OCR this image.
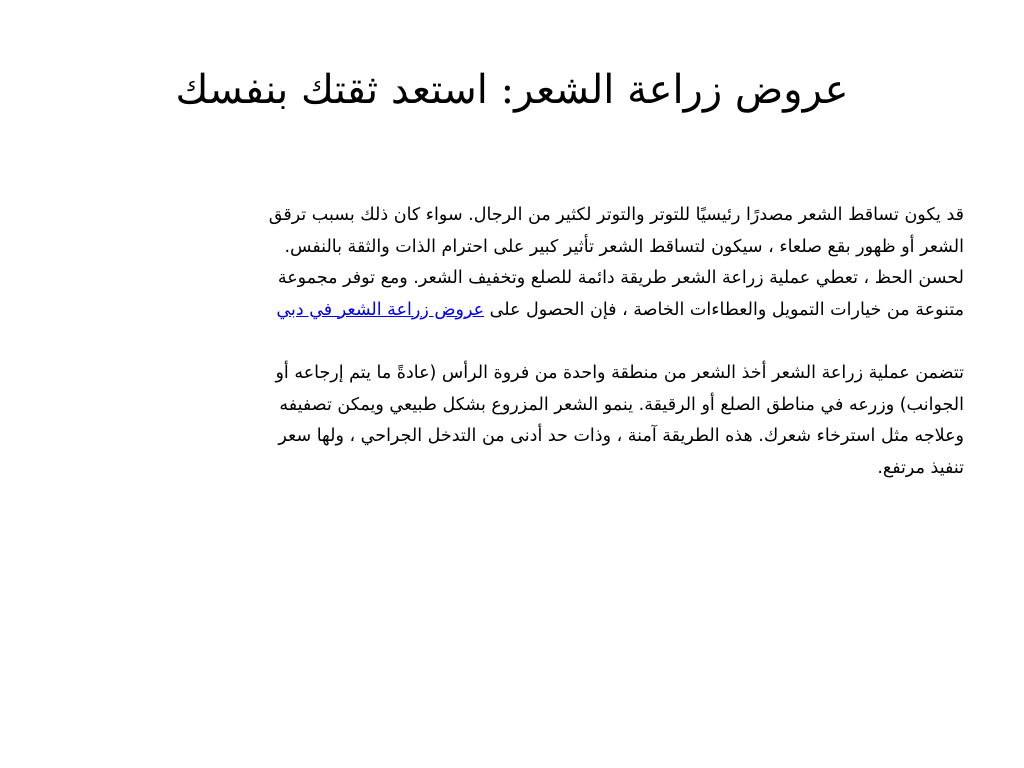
عروض زراعة الشعر: استعد ثقتك بنفسك

قد يكون تساقط الشعر مصدرًا رئيسيًا للتوتر والتوتر لكثير من الرجال. سواء كان ذلك بسبب ترقق
الشعر أو ظهور بقع صلعاء ، سيكون لتساقط الشعر تأثير كبير على احترام الذات والثقة بالنفس.
لحسن الحظ ، تعطي عملية زراعة الشعر طريقة دائمة للصلع وتخفيف الشعر. ومع توفر مجموعة
متنوعة من خيارات التمويل والعطاءات الخاصة ، فإن الحصول على عروض زراعة الشعر في دبي

تتضمن عملية زراعة الشعر أخذ الشعر من منطقة واحدة من فروة الرأس (عادةً ما يتم إرجاعه أو
الجوانب) وزرعه في مناطق الصلع أو الرقيقة. ينمو الشعر المزروع بشكل طبيعي ويمكن تصفيفه
وعلاجه مثل استرخاء شعرك. هذه الطريقة آمنة ، وذات حد أدنى من التدخل الجراحي ، ولها سعر
تنفيذ مرتفع.
